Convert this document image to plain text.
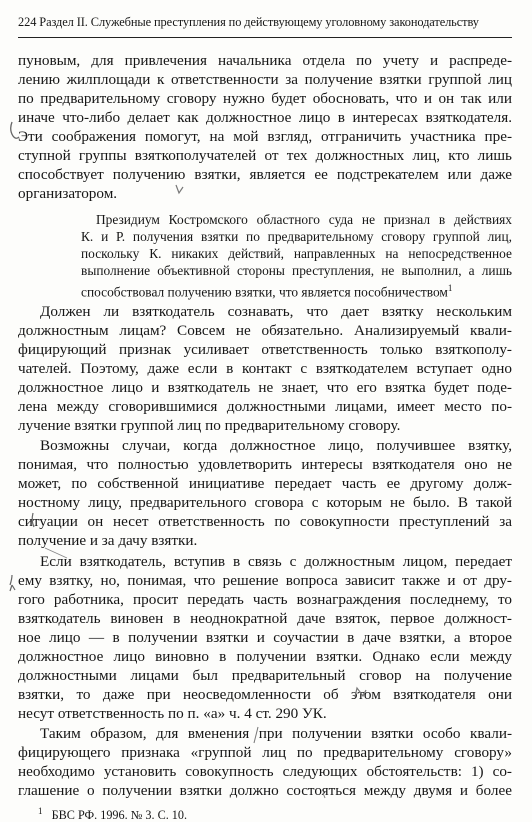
224 Раздел II. Служебные преступления по действующему уголовному законодательству
пуновым, для привлечения начальника отдела по учету и распреде-
лению жилплощади к ответственности за получение взятки группой лиц
по предварительному сговору нужно будет обосновать, что и он так или
иначе что-либо делает как должностное лицо в интересах взяткодателя.
Эти соображения помогут, на мой взгляд, отграничить участника пре-
ступной группы взяткополучателей от тех должностных лиц, кто лишь
способствует получению взятки, является ее подстрекателем или даже
организатором.
Президиум Костромского областного суда не признал в действиях
К. и Р. получения взятки по предварительному сговору группой лиц,
поскольку К. никаких действий, направленных на непосредственное
выполнение объективной стороны преступления, не выполнил, а лишь
способствовал получению взятки, что является пособничеством$^1$
Должен ли взяткодатель сознавать, что дает взятку нескольким
должностным лицам? Совсем не обязательно. Анализируемый квали-
фицирующий признак усиливает ответственность только взяткополу-
чателей. Поэтому, даже если в контакт с взяткодателем вступает одно
должностное лицо и взяткодатель не знает, что его взятка будет поде-
лена между сговорившимися должностными лицами, имеет место по-
лучение взятки группой лиц по предварительному сговору.
Возможны случаи, когда должностное лицо, получившее взятку,
понимая, что полностью удовлетворить интересы взяткодателя оно не
может, по собственной инициативе передает часть ее другому долж-
ностному лицу, предварительного сговора с которым не было. В такой
ситуации он несет ответственность по совокупности преступлений за
получение и за дачу взятки.
Если взяткодатель, вступив в связь с должностным лицом, передает
ему взятку, но, понимая, что решение вопроса зависит также и от дру-
гого работника, просит передать часть вознаграждения последнему, то
взяткодатель виновен в неоднократной даче взяток, первое должност-
ное лицо — в получении взятки и соучастии в даче взятки, а второе
должностное лицо виновно в получении взятки. Однако если между
должностными лицами был предварительный сговор на получение
взятки, то даже при неосведомленности об этом взяткодателя они
несут ответственность по п. «а» ч. 4 ст. 290 УК.
Таким образом, для вменения при получении взятки особо квали-
фицирующего признака «группой лиц по предварительному сговору»
необходимо установить совокупность следующих обстоятельств: 1) со-
глашение о получении взятки должно состояться между двумя и более
$^1$ БВС РФ. 1996. № 3. С. 10.
